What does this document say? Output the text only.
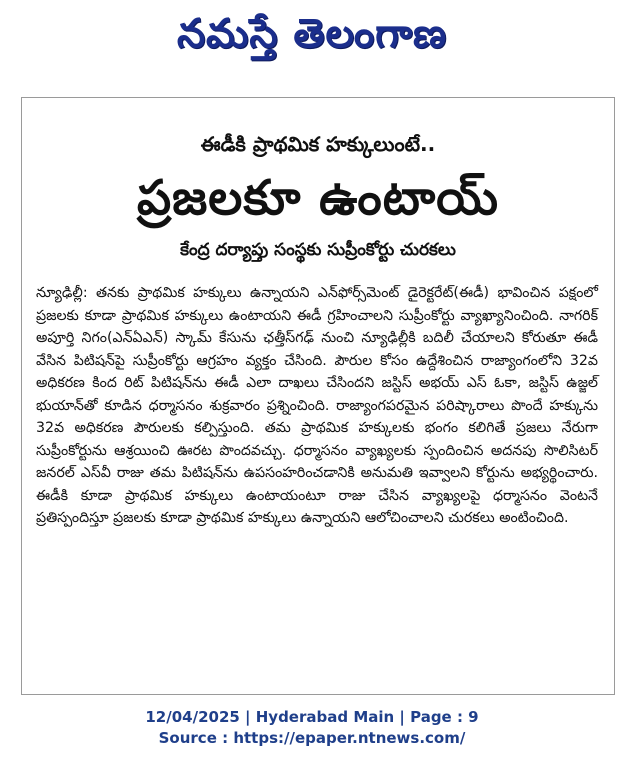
నమస్తే తెలంగాణ
ఈడీకి ప్రాథమిక హక్కులుంటే..
ప్రజలకూ ఉంటాయ్
కేంద్ర దర్యాప్తు సంస్థకు సుప్రీంకోర్టు చురకలు

న్యూఢిల్లీ: తనకు ప్రాథమిక హక్కులు ఉన్నాయని ఎన్‌ఫోర్స్‌మెంట్ డైరెక్టరేట్(ఈడీ) భావించిన పక్షంలో ప్రజలకు కూడా ప్రాథమిక హక్కులు ఉంటాయని ఈడీ గ్రహించాలని సుప్రీంకోర్టు వ్యాఖ్యానించింది. నాగరిక్ అపూర్తి నిగం(ఎన్‌ఏఎన్) స్కామ్ కేసును ఛత్తీస్‌గఢ్ నుంచి న్యూఢిల్లీకి బదిలీ చేయాలని కోరుతూ ఈడీ వేసిన పిటిషన్‌పై సుప్రీంకోర్టు ఆగ్రహం వ్యక్తం చేసింది. పౌరుల కోసం ఉద్దేశించిన రాజ్యాంగంలోని 32వ అధికరణ కింద రిట్ పిటిషన్‌ను ఈడీ ఎలా దాఖలు చేసిందని జస్టిస్ అభయ్ ఎస్ ఓకా, జస్టిస్ ఉజ్జల్ భుయాన్‌తో కూడిన ధర్మాసనం శుక్రవారం ప్రశ్నించింది. రాజ్యాంగపరమైన పరిష్కారాలు పొందే హక్కును 32వ అధికరణ పౌరులకు కల్పిస్తుంది. తమ ప్రాథమిక హక్కులకు భంగం కలిగితే ప్రజలు నేరుగా సుప్రీంకోర్టును ఆశ్రయించి ఊరట పొందవచ్చు. ధర్మాసనం వ్యాఖ్యలకు స్పందించిన అదనపు సొలిసిటర్ జనరల్ ఎస్‌వీ రాజు తమ పిటిషన్‌ను ఉపసంహరించడానికి అనుమతి ఇవ్వాలని కోర్టును అభ్యర్థించారు. ఈడీకి కూడా ప్రాథమిక హక్కులు ఉంటాయంటూ రాజు చేసిన వ్యాఖ్యలపై ధర్మాసనం వెంటనే ప్రతిస్పందిస్తూ ప్రజలకు కూడా ప్రాథమిక హక్కులు ఉన్నాయని ఆలోచించాలని చురకలు అంటించింది.

12/04/2025 | Hyderabad Main | Page : 9
Source : https://epaper.ntnews.com/
